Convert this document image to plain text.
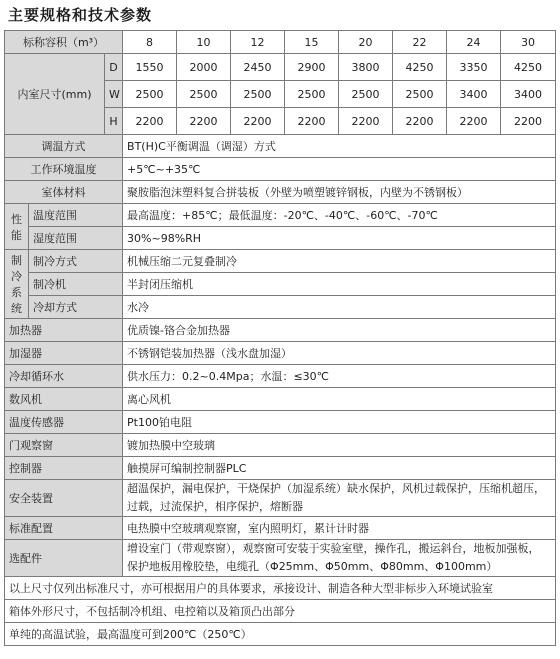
主要规格和技术参数
标称容积（m³）			8	10	12	15	20	22	24	30
内室尺寸(mm)		D	1550	2000	2450	2900	3800	4250	3350	4250
		W	2500	2500	2500	2500	2500	2500	3400	3400
		H	2200	2200	2200	2200	2200	2200	2200	2200
调温方式			BT(H)C平衡调温（调湿）方式							
工作环境温度			+5℃~+35℃							
室体材料			聚胺脂泡沫塑料复合拼装板（外壁为喷塑镀锌钢板，内壁为不锈钢板）							
性能	温度范围		最高温度：+85℃；最低温度：-20℃、-40℃、-60℃、-70℃							
	湿度范围		30%~98%RH							
制冷系统	制冷方式		机械压缩二元复叠制冷							
	制冷机		半封闭压缩机							
	冷却方式		水冷							
加热器			优质镍-铬合金加热器							
加湿器			不锈钢铠装加热器（浅水盘加湿）							
冷却循环水			供水压力：0.2~0.4Mpa；水温：≤30℃							
数风机			离心风机							
温度传感器			Pt100铂电阻							
门观察窗			镀加热膜中空玻璃							
控制器			触摸屏可编制控制器PLC							
安全装置			超温保护，漏电保护，干烧保护（加湿系统）缺水保护，风机过载保护，压缩机超压，
过载，过流保护，相序保护，熔断器							

标准配置			电热膜中空玻璃观察窗，室内照明灯，累计计时器							
选配件			增设室门（带观察窗），观察窗可安装于实验室壁，操作孔，搬运斜台，地板加强板，
保护地板用橡胶垫，电缆孔（Φ25mm、Φ50mm、Φ80mm、Φ100mm）							

以上尺寸仅列出标准尺寸，亦可根据用户的具体要求，承接设计、制造各种大型非标步入环境试验室										
箱体外形尺寸，不包括制冷机组、电控箱以及箱顶凸出部分										
单纯的高温试验，最高温度可到200℃（250℃）										
